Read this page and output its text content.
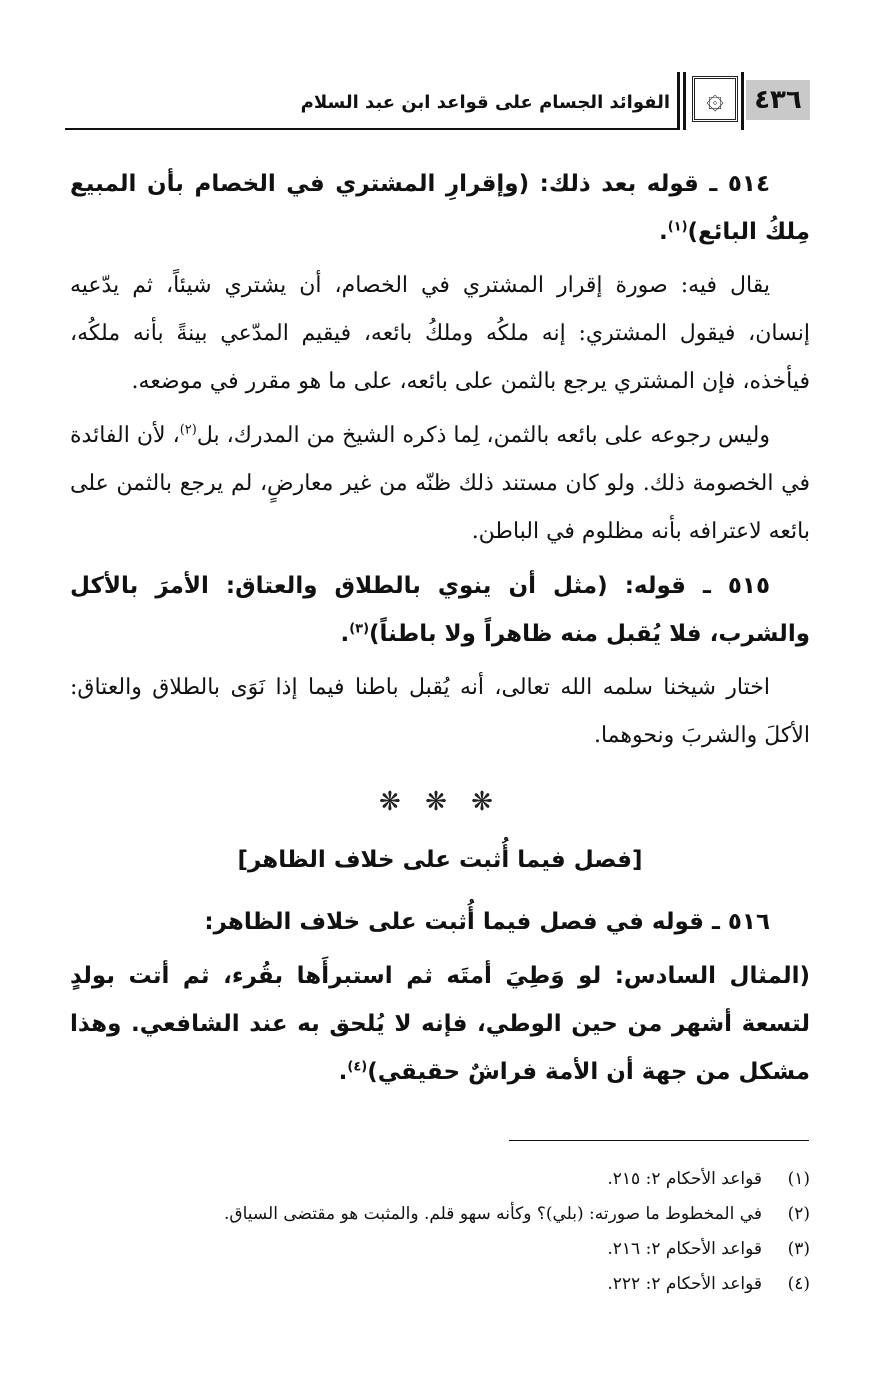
٤٣٦
۞
الفوائد الجسام على قواعد ابن عبد السلام

٥١٤ ـ قوله بعد ذلك: (وإقرارِ المشتري في الخصام بأن المبيع مِلكُ البائع)$^{(١)}$.

يقال فيه: صورة إقرار المشتري في الخصام، أن يشتري شيئاً، ثم يدّعيه إنسان، فيقول المشتري: إنه ملكُه وملكُ بائعه، فيقيم المدّعي بينةً بأنه ملكُه، فيأخذه، فإن المشتري يرجع بالثمن على بائعه، على ما هو مقرر في موضعه.

وليس رجوعه على بائعه بالثمن، لِما ذكره الشيخ من المدرك، بل$^{(٢)}$، لأن الفائدة في الخصومة ذلك. ولو كان مستند ذلك ظنّه من غير معارضٍ، لم يرجع بالثمن على بائعه لاعترافه بأنه مظلوم في الباطن.

٥١٥ ـ قوله: (مثل أن ينوي بالطلاق والعتاق: الأمرَ بالأكل والشرب، فلا يُقبل منه ظاهراً ولا باطناً)$^{(٣)}$.

اختار شيخنا سلمه الله تعالى، أنه يُقبل باطنا فيما إذا نَوَى بالطلاق والعتاق: الأكلَ والشربَ ونحوهما.

❋ ❋ ❋
[فصل فيما أُثبت على خلاف الظاهر]

٥١٦ ـ قوله في فصل فيما أُثبت على خلاف الظاهر:

(المثال السادس: لو وَطِيَ أمتَه ثم استبرأَها بقُرء، ثم أتت بولدٍ لتسعة أشهر من حين الوطي، فإنه لا يُلحق به عند الشافعي. وهذا مشكل من جهة أن الأمة فراشٌ حقيقي)$^{(٤)}$.

(١)
قواعد الأحكام ٢: ٢١٥.
(٢)
في المخطوط ما صورته: (بلي)؟ وكأنه سهو قلم. والمثبت هو مقتضى السياق.
(٣)
قواعد الأحكام ٢: ٢١٦.
(٤)
قواعد الأحكام ٢: ٢٢٢.
